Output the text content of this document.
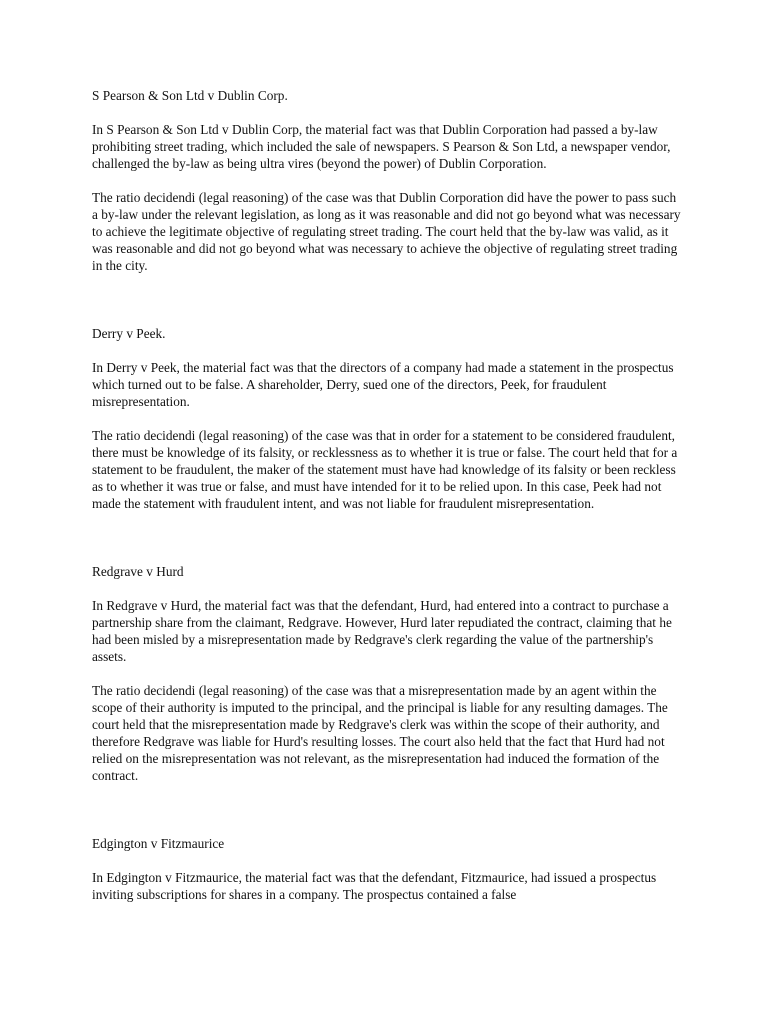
S Pearson & Son Ltd v Dublin Corp.

In S Pearson & Son Ltd v Dublin Corp, the material fact was that Dublin Corporation had passed a by-law prohibiting street trading, which included the sale of newspapers. S Pearson & Son Ltd, a newspaper vendor, challenged the by-law as being ultra vires (beyond the power) of Dublin Corporation.

The ratio decidendi (legal reasoning) of the case was that Dublin Corporation did have the power to pass such a by-law under the relevant legislation, as long as it was reasonable and did not go beyond what was necessary to achieve the legitimate objective of regulating street trading. The court held that the by-law was valid, as it was reasonable and did not go beyond what was necessary to achieve the objective of regulating street trading in the city.

Derry v Peek.

In Derry v Peek, the material fact was that the directors of a company had made a statement in the prospectus which turned out to be false. A shareholder, Derry, sued one of the directors, Peek, for fraudulent misrepresentation.

The ratio decidendi (legal reasoning) of the case was that in order for a statement to be considered fraudulent, there must be knowledge of its falsity, or recklessness as to whether it is true or false. The court held that for a statement to be fraudulent, the maker of the statement must have had knowledge of its falsity or been reckless as to whether it was true or false, and must have intended for it to be relied upon. In this case, Peek had not made the statement with fraudulent intent, and was not liable for fraudulent misrepresentation.

Redgrave v Hurd

In Redgrave v Hurd, the material fact was that the defendant, Hurd, had entered into a contract to purchase a partnership share from the claimant, Redgrave. However, Hurd later repudiated the contract, claiming that he had been misled by a misrepresentation made by Redgrave's clerk regarding the value of the partnership's assets.

The ratio decidendi (legal reasoning) of the case was that a misrepresentation made by an agent within the scope of their authority is imputed to the principal, and the principal is liable for any resulting damages. The court held that the misrepresentation made by Redgrave's clerk was within the scope of their authority, and therefore Redgrave was liable for Hurd's resulting losses. The court also held that the fact that Hurd had not relied on the misrepresentation was not relevant, as the misrepresentation had induced the formation of the contract.

Edgington v Fitzmaurice

In Edgington v Fitzmaurice, the material fact was that the defendant, Fitzmaurice, had issued a prospectus inviting subscriptions for shares in a company. The prospectus contained a false
